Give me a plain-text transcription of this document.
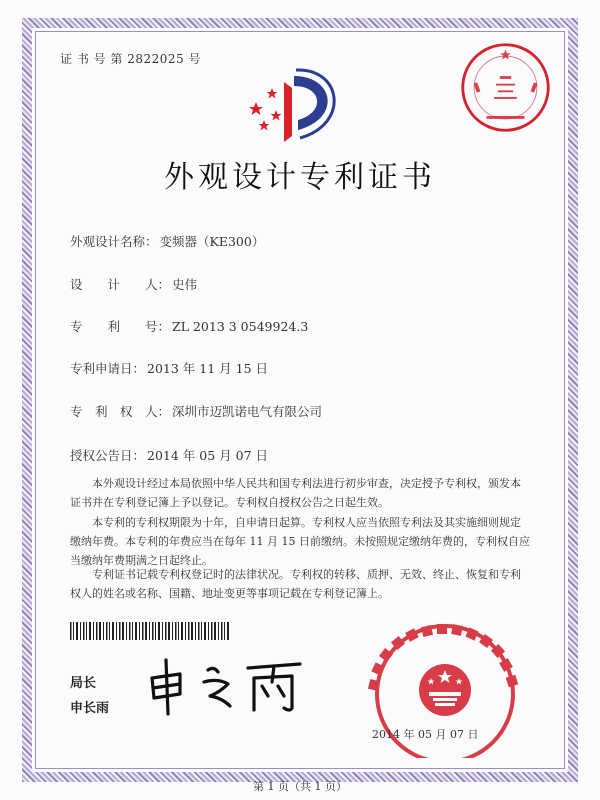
证 书 号 第 2822025 号
外观设计专利证书
外观设计名称： 变频器（KE300）
设　　计　　人： 史伟
专　　利　　号： ZL 2013 3 0549924.3
专利申请日： 2013 年 11 月 15 日
专　利　权　人： 深圳市迈凯诺电气有限公司
授权公告日： 2014 年 05 月 07 日

本外观设计经过本局依照中华人民共和国专利法进行初步审查，决定授予专利权，颁发本证书并在专利登记簿上予以登记。专利权自授权公告之日起生效。

本专利的专利权期限为十年，自申请日起算。专利权人应当依照专利法及其实施细则规定缴纳年费。本专利的年费应当在每年 11 月 15 日前缴纳。未按照规定缴纳年费的，专利权自应当缴纳年费期满之日起终止。

专利证书记载专利权登记时的法律状况。专利权的转移、质押、无效、终止、恢复和专利权人的姓名或名称、国籍、地址变更等事项记载在专利登记簿上。

局长
申长雨
2014 年 05 月 07 日
第 1 页（共 1 页）
